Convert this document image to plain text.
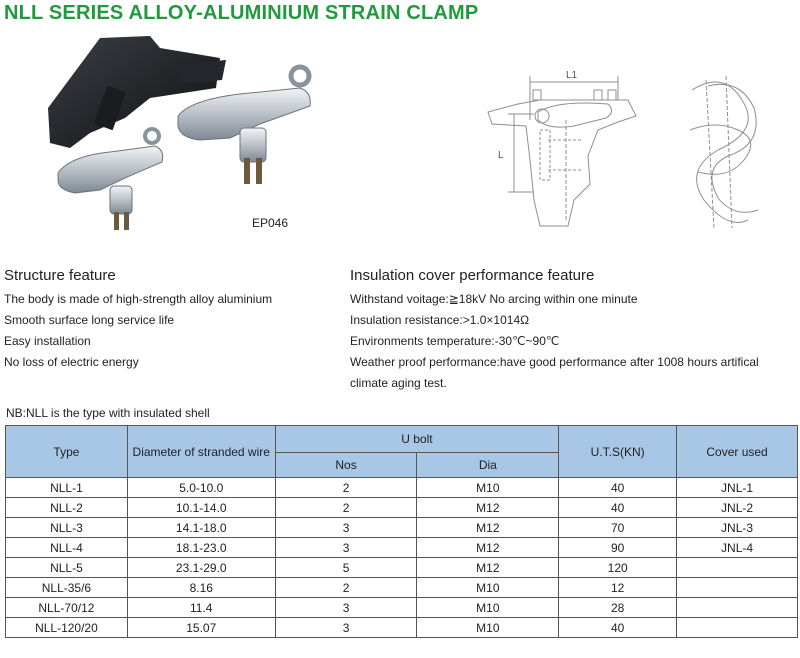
NLL SERIES ALLOY-ALUMINIUM STRAIN CLAMP
EP046
L1
L
Structure feature
The body is made of high-strength alloy aluminium
Smooth surface long service life
Easy installation
No loss of electric energy
Insulation cover performance feature
Withstand voitage:≧18kV No arcing within one minute
Insulation resistance:>1.0×1014Ω
Environments temperature:-30℃~90℃
Weather proof performance:have good performance after 1008 hours artifical
climate aging test.
NB:NLL is the type with insulated shell
Type	Diameter of stranded wire	U bolt		U.T.S(KN)	Cover used
		Nos	Dia		
NLL-1	5.0-10.0	2	M10	40	JNL-1
NLL-2	10.1-14.0	2	M12	40	JNL-2
NLL-3	14.1-18.0	3	M12	70	JNL-3
NLL-4	18.1-23.0	3	M12	90	JNL-4
NLL-5	23.1-29.0	5	M12	120	
NLL-35/6	8.16	2	M10	12	
NLL-70/12	11.4	3	M10	28	
NLL-120/20	15.07	3	M10	40	
